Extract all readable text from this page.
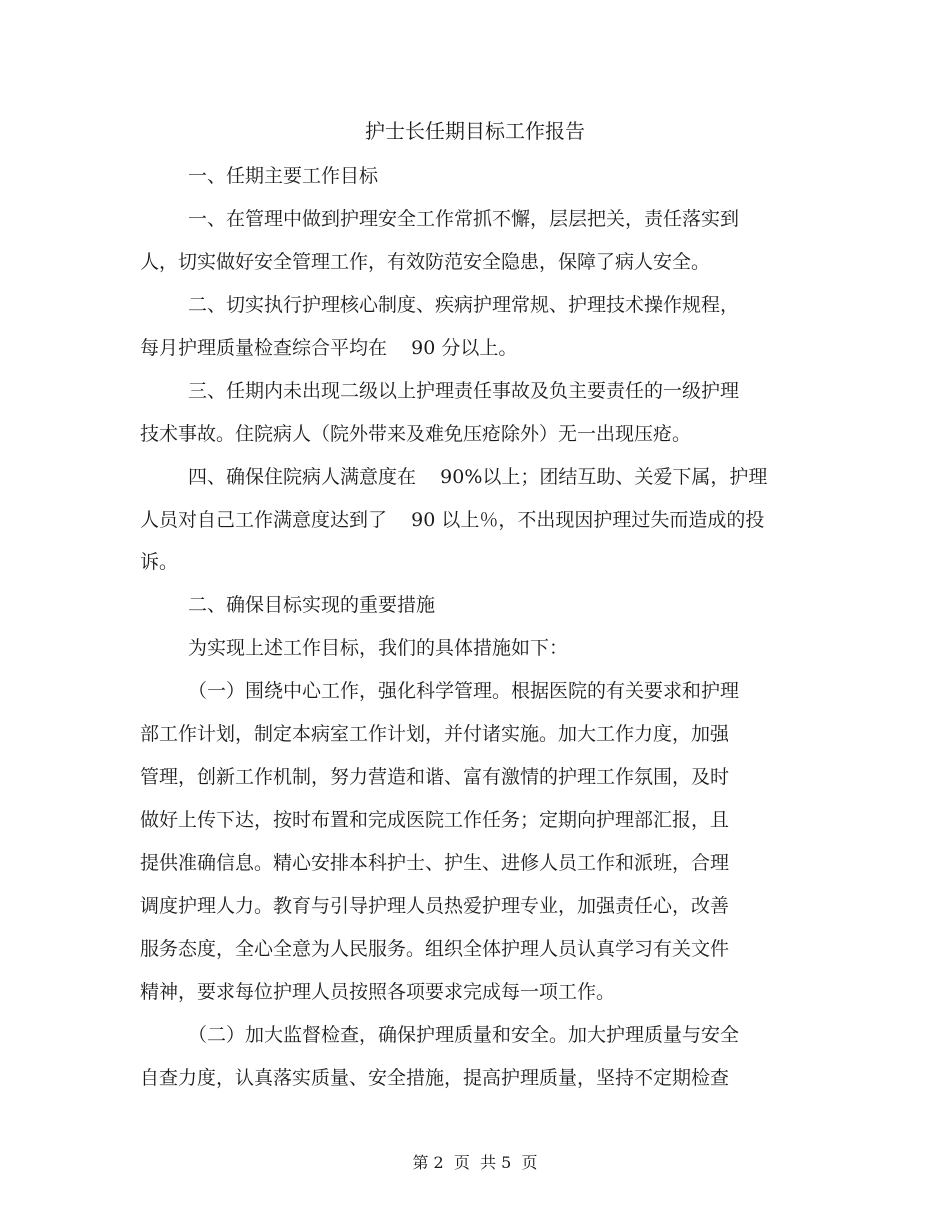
护士长任期目标工作报告

一、任期主要工作目标

一、在管理中做到护理安全工作常抓不懈，层层把关，责任落实到

人，切实做好安全管理工作，有效防范安全隐患，保障了病人安全。

二、切实执行护理核心制度、疾病护理常规、护理技术操作规程，

每月护理质量检查综合平均在    90 分以上。

三、任期内未出现二级以上护理责任事故及负主要责任的一级护理

技术事故。住院病人（院外带来及难免压疮除外）无一出现压疮。

四、确保住院病人满意度在    90%以上；团结互助、关爱下属，护理

人员对自己工作满意度达到了    90 以上％，不出现因护理过失而造成的投

诉。

二、确保目标实现的重要措施

为实现上述工作目标，我们的具体措施如下：

（一）围绕中心工作，强化科学管理。根据医院的有关要求和护理

部工作计划，制定本病室工作计划，并付诸实施。加大工作力度，加强

管理，创新工作机制，努力营造和谐、富有激情的护理工作氛围，及时

做好上传下达，按时布置和完成医院工作任务；定期向护理部汇报，且

提供准确信息。精心安排本科护士、护生、进修人员工作和派班，合理

调度护理人力。教育与引导护理人员热爱护理专业，加强责任心，改善

服务态度，全心全意为人民服务。组织全体护理人员认真学习有关文件

精神，要求每位护理人员按照各项要求完成每一项工作。

（二）加大监督检查，确保护理质量和安全。加大护理质量与安全

自查力度，认真落实质量、安全措施，提高护理质量，坚持不定期检查

第 2  页  共 5  页
